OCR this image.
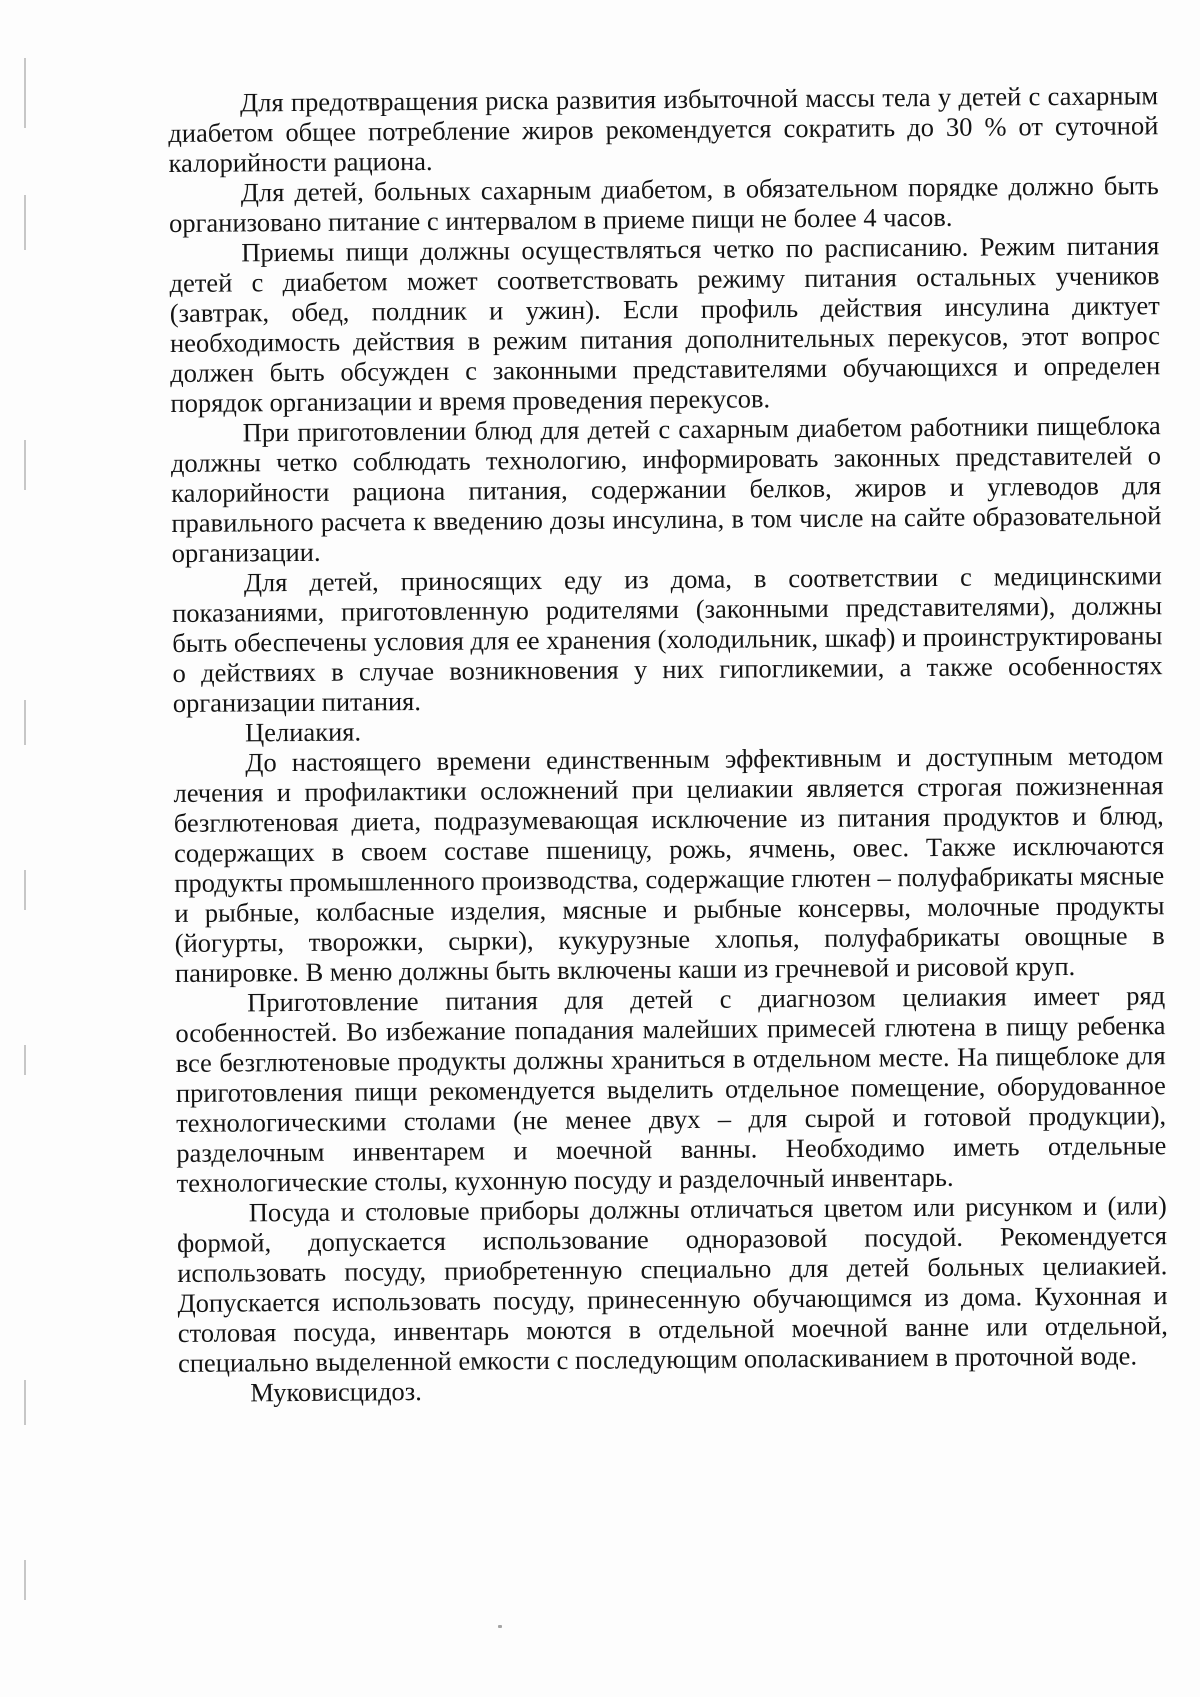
Для предотвращения риска развития избыточной массы тела у детей с сахарным диабетом общее потребление жиров рекомендуется сократить до 30 % от суточной калорийности рациона.

Для детей, больных сахарным диабетом, в обязательном порядке должно быть организовано питание с интервалом в приеме пищи не более 4 часов.

Приемы пищи должны осуществляться четко по расписанию. Режим питания детей с диабетом может соответствовать режиму питания остальных учеников (завтрак, обед, полдник и ужин). Если профиль действия инсулина диктует необходимость действия в режим питания дополнительных перекусов, этот вопрос должен быть обсужден с законными представителями обучающихся и определен порядок организации и время проведения перекусов.

При приготовлении блюд для детей с сахарным диабетом работники пищеблока должны четко соблюдать технологию, информировать законных представителей о калорийности рациона питания, содержании белков, жиров и углеводов для правильного расчета к введению дозы инсулина, в том числе на сайте образовательной организации.

Для детей, приносящих еду из дома, в соответствии с медицинскими показаниями, приготовленную родителями (законными представителями), должны быть обеспечены условия для ее хранения (холодильник, шкаф) и проинструктированы о действиях в случае возникновения у них гипогликемии, а также особенностях организации питания.

Целиакия.

До настоящего времени единственным эффективным и доступным методом лечения и профилактики осложнений при целиакии является строгая пожизненная безглютеновая диета, подразумевающая исключение из питания продуктов и блюд, содержащих в своем составе пшеницу, рожь, ячмень, овес. Также исключаются продукты промышленного производства, содержащие глютен – полуфабрикаты мясные и рыбные, колбасные изделия, мясные и рыбные консервы, молочные продукты (йогурты, творожки, сырки), кукурузные хлопья, полуфабрикаты овощные в панировке. В меню должны быть включены каши из гречневой и рисовой круп.

Приготовление питания для детей с диагнозом целиакия имеет ряд особенностей. Во избежание попадания малейших примесей глютена в пищу ребенка все безглютеновые продукты должны храниться в отдельном месте. На пищеблоке для приготовления пищи рекомендуется выделить отдельное помещение, оборудованное технологическими столами (не менее двух – для сырой и готовой продукции), разделочным инвентарем и моечной ванны. Необходимо иметь отдельные технологические столы, кухонную посуду и разделочный инвентарь.

Посуда и столовые приборы должны отличаться цветом или рисунком и (или) формой, допускается использование одноразовой посудой. Рекомендуется использовать посуду, приобретенную специально для детей больных целиакией. Допускается использовать посуду, принесенную обучающимся из дома. Кухонная и столовая посуда, инвентарь моются в отдельной моечной ванне или отдельной, специально выделенной емкости с последующим ополаскиванием в проточной воде.

Муковисцидоз.
